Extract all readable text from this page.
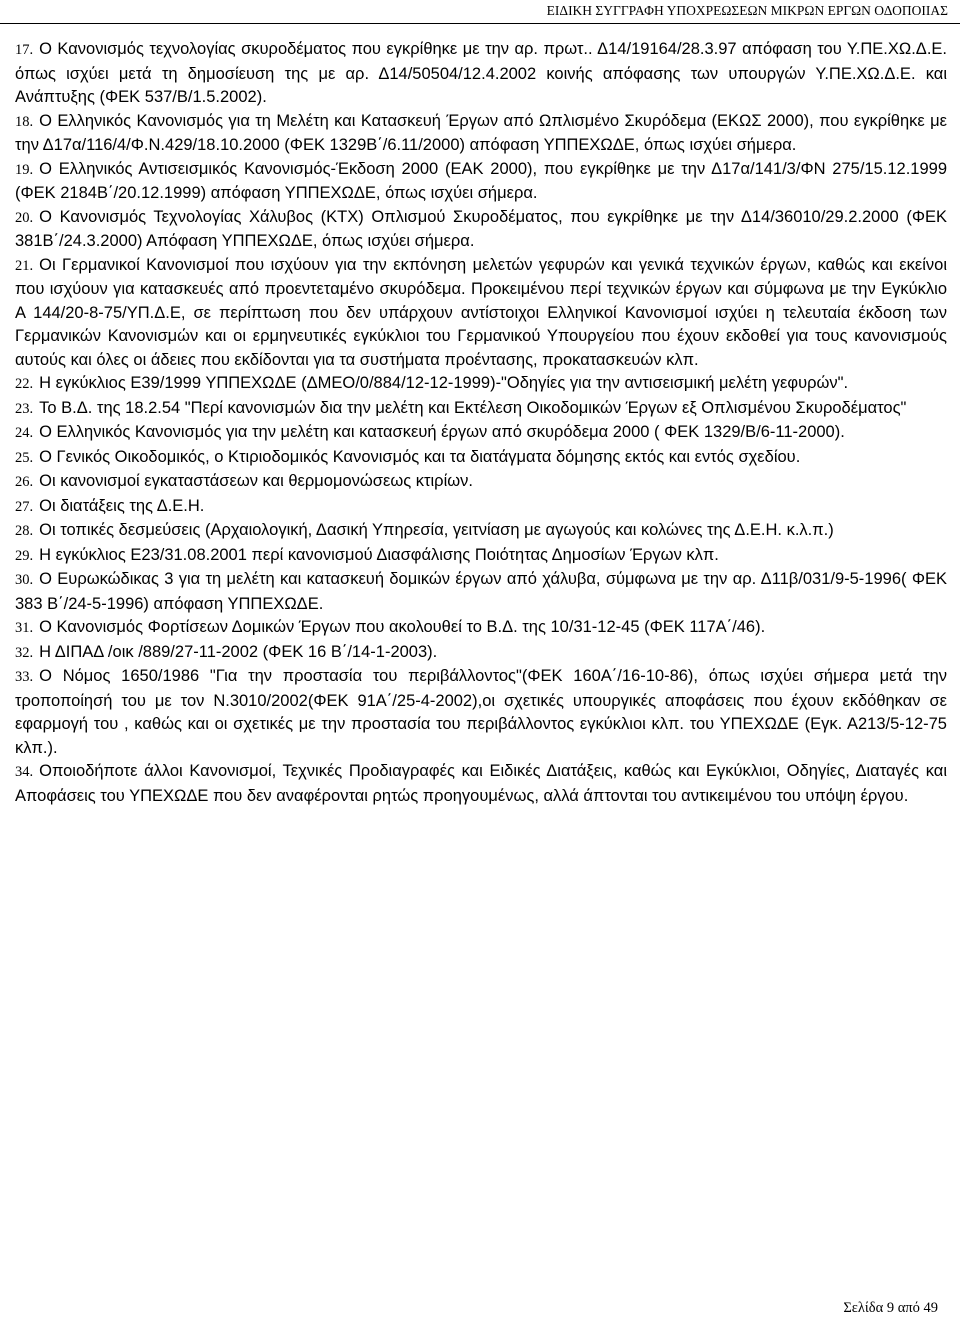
ΕΙΔΙΚΗ ΣΥΓΓΡΑΦΗ ΥΠΟΧΡΕΩΣΕΩΝ ΜΙΚΡΩΝ ΕΡΓΩΝ ΟΔΟΠΟΙΙΑΣ
17. Ο Κανονισμός τεχνολογίας σκυροδέματος που εγκρίθηκε με την αρ. πρωτ.. Δ14/19164/28.3.97 απόφαση του Υ.ΠΕ.ΧΩ.Δ.Ε. όπως ισχύει μετά τη δημοσίευση της με αρ. Δ14/50504/12.4.2002 κοινής απόφασης των υπουργών Υ.ΠΕ.ΧΩ.Δ.Ε. και Ανάπτυξης (ΦΕΚ 537/Β/1.5.2002).
18. Ο Ελληνικός Κανονισμός για τη Μελέτη και Κατασκευή Έργων από Ωπλισμένο Σκυρόδεμα (ΕΚΩΣ 2000), που εγκρίθηκε με την Δ17α/116/4/Φ.Ν.429/18.10.2000 (ΦΕΚ 1329Β΄/6.11/2000) απόφαση ΥΠΠΕΧΩΔΕ, όπως ισχύει σήμερα.
19. Ο Ελληνικός Αντισεισμικός Κανονισμός-Έκδοση 2000 (ΕΑΚ 2000), που εγκρίθηκε με την Δ17α/141/3/ΦΝ 275/15.12.1999 (ΦΕΚ 2184Β΄/20.12.1999) απόφαση ΥΠΠΕΧΩΔΕ, όπως ισχύει σήμερα.
20. Ο Κανονισμός Τεχνολογίας Χάλυβος (ΚΤΧ) Οπλισμού Σκυροδέματος, που εγκρίθηκε με την Δ14/36010/29.2.2000 (ΦΕΚ 381Β΄/24.3.2000) Απόφαση ΥΠΠΕΧΩΔΕ, όπως ισχύει σήμερα.
21. Οι Γερμανικοί Κανονισμοί που ισχύουν για την εκπόνηση μελετών γεφυρών και γενικά τεχνικών έργων, καθώς και εκείνοι που ισχύουν για κατασκευές από προεντεταμένο σκυρόδεμα. Προκειμένου περί τεχνικών έργων και σύμφωνα με την Εγκύκλιο Α 144/20-8-75/ΥΠ.Δ.Ε, σε περίπτωση που δεν υπάρχουν αντίστοιχοι Ελληνικοί Κανονισμοί ισχύει η τελευταία έκδοση των Γερμανικών Κανονισμών και οι ερμηνευτικές εγκύκλιοι του Γερμανικού Υπουργείου που έχουν εκδοθεί για τους κανονισμούς αυτούς και όλες οι άδειες που εκδίδονται για τα συστήματα προέντασης, προκατασκευών κλπ.
22. Η εγκύκλιος Ε39/1999 ΥΠΠΕΧΩΔΕ (ΔΜΕΟ/0/884/12-12-1999)-"Οδηγίες για την αντισεισμική μελέτη γεφυρών".
23. Το Β.Δ. της 18.2.54 "Περί κανονισμών δια την μελέτη και Εκτέλεση Οικοδομικών Έργων εξ Οπλισμένου Σκυροδέματος"
24. Ο Ελληνικός Κανονισμός για την μελέτη και κατασκευή έργων από σκυρόδεμα 2000 ( ΦΕΚ 1329/Β/6-11-2000).
25. Ο Γενικός Οικοδομικός, ο Κτιριοδομικός Κανονισμός και τα διατάγματα δόμησης εκτός και εντός σχεδίου.
26. Οι κανονισμοί εγκαταστάσεων και θερμομονώσεως κτιρίων.
27. Οι διατάξεις της Δ.Ε.Η.
28. Οι τοπικές δεσμεύσεις (Αρχαιολογική, Δασική Υπηρεσία, γειτνίαση με αγωγούς και κολώνες της Δ.Ε.Η. κ.λ.π.)
29. Η εγκύκλιος Ε23/31.08.2001 περί κανονισμού Διασφάλισης Ποιότητας Δημοσίων Έργων κλπ.
30. Ο Ευρωκώδικας 3 για τη μελέτη και κατασκευή δομικών έργων από χάλυβα, σύμφωνα με την αρ. Δ11β/031/9-5-1996( ΦΕΚ 383 Β΄/24-5-1996) απόφαση ΥΠΠΕΧΩΔΕ.
31. Ο Κανονισμός Φορτίσεων Δομικών Έργων που ακολουθεί το Β.Δ. της 10/31-12-45 (ΦΕΚ 117Α΄/46).
32. Η ΔΙΠΑΔ /οικ /889/27-11-2002 (ΦΕΚ 16 Β΄/14-1-2003).
33. Ο Νόμος 1650/1986 "Για την προστασία του περιβάλλοντος"(ΦΕΚ 160Α΄/16-10-86), όπως ισχύει σήμερα μετά την τροποποίησή του με τον Ν.3010/2002(ΦΕΚ 91Α΄/25-4-2002),οι σχετικές υπουργικές αποφάσεις που έχουν εκδόθηκαν σε εφαρμογή του , καθώς και οι σχετικές με την προστασία του περιβάλλοντος εγκύκλιοι κλπ. του ΥΠΕΧΩΔΕ (Εγκ. Α213/5-12-75 κλπ.).
34. Οποιοδήποτε άλλοι Κανονισμοί, Τεχνικές Προδιαγραφές και Ειδικές Διατάξεις, καθώς και Εγκύκλιοι, Οδηγίες, Διαταγές και Αποφάσεις του ΥΠΕΧΩΔΕ που δεν αναφέρονται ρητώς προηγουμένως, αλλά άπτονται του αντικειμένου του υπόψη έργου.
Σελίδα 9 από 49
